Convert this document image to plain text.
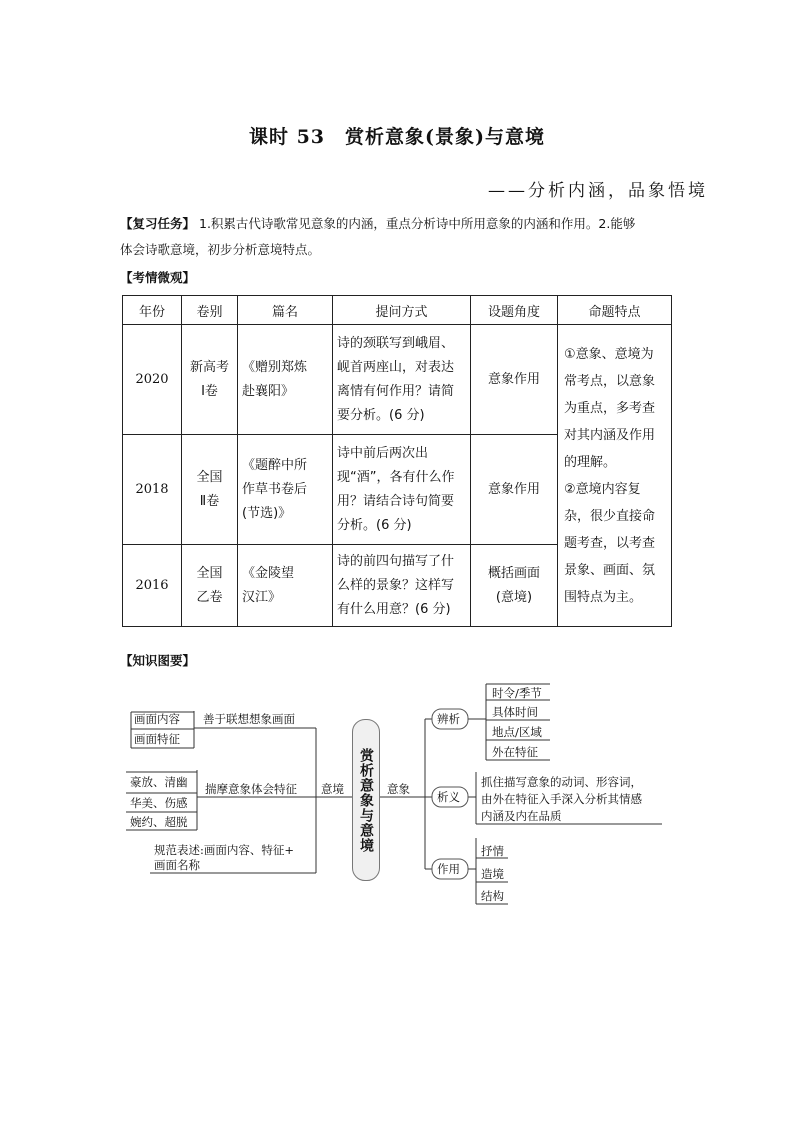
课时 53　赏析意象(景象)与意境
——分析内涵，品象悟境
【复习任务】 1.积累古代诗歌常见意象的内涵，重点分析诗中所用意象的内涵和作用。2.能够
体会诗歌意境，初步分析意境特点。
【考情微观】
年份	卷别	篇名	提问方式	设题角度	命题特点
2020	新高考
Ⅰ卷	《赠别郑炼
赴襄阳》	诗的颈联写到峨眉、岘首两座山，对表达离情有何作用？请简要分析。(6 分)	意象作用	①意象、意境为常考点，以意象为重点，多考查对其内涵及作用的理解。
②意境内容复杂，很少直接命题考查，以考查景象、画面、氛围特点为主。
2018	全国
Ⅱ卷	《题醉中所
作草书卷后
(节选)》	诗中前后两次出现“酒”，各有什么作用？请结合诗句简要分析。(6 分)	意象作用	
2016	全国
乙卷	《金陵望
汉江》	诗的前四句描写了什么样的景象？这样写有什么用意？(6 分)	概括画面
(意境)	
【知识图要】
赏析意象与意境
画面内容
画面特征
善于联想想象画面
豪放、清幽
华美、伤感
婉约、超脱
揣摩意象体会特征
规范表述:画面内容、特征+
画面名称
意境	意象
辨析
析义
作用
时令/季节
具体时间
地点/区域
外在特征
抓住描写意象的动词、形容词，
由外在特征入手深入分析其情感
内涵及内在品质
抒情
造境
结构
